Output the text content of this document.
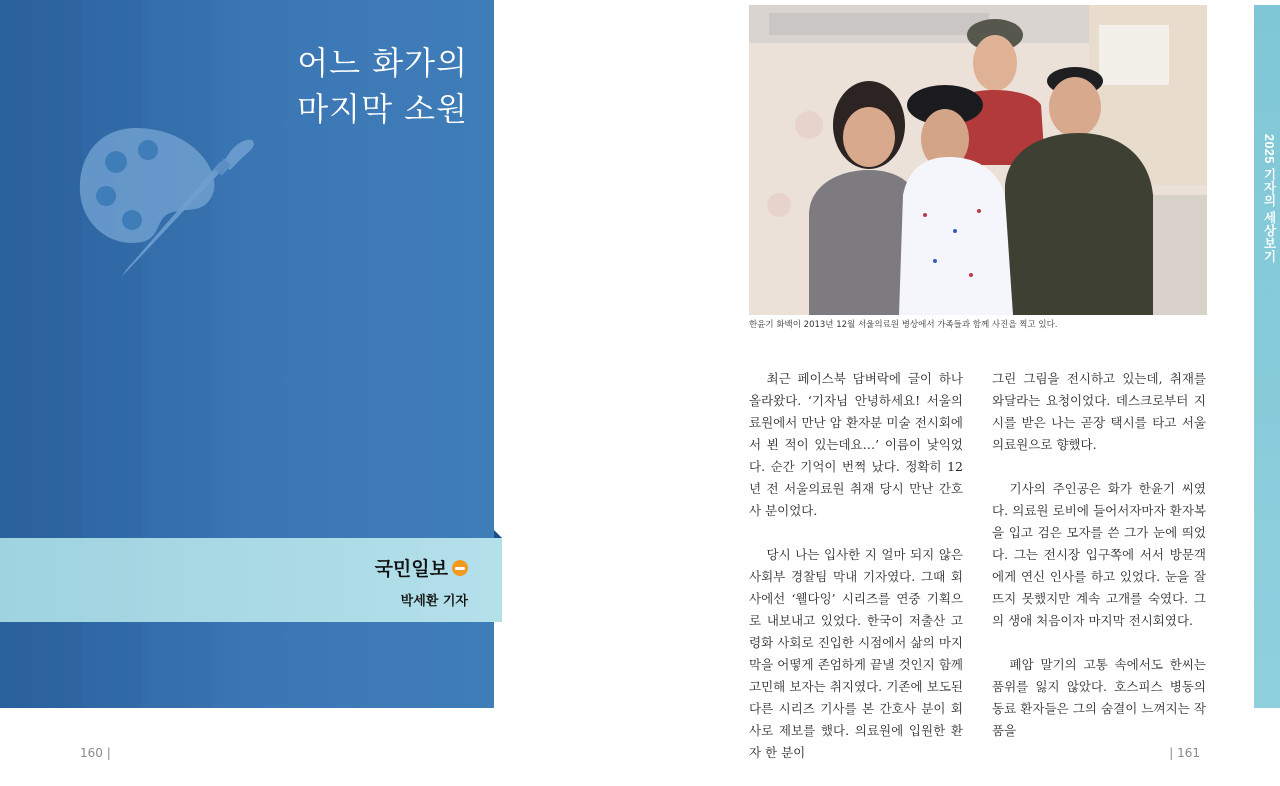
어느 화가의
마지막 소원
국민일보
박세환 기자
160 |
한윤기 화백이 2013년 12월 서울의료원 병상에서 가족들과 함께 사진을 찍고 있다.

최근 페이스북 담벼락에 글이 하나 올라왔다. ‘기자님 안녕하세요! 서울의료원에서 만난 암 환자분 미술 전시회에서 뵌 적이 있는데요…’ 이름이 낯익었다. 순간 기억이 번쩍 났다. 정확히 12년 전 서울의료원 취재 당시 만난 간호사 분이었다.

당시 나는 입사한 지 얼마 되지 않은 사회부 경찰팀 막내 기자였다. 그때 회사에선 ‘웰다잉’ 시리즈를 연중 기획으로 내보내고 있었다. 한국이 저출산 고령화 사회로 진입한 시점에서 삶의 마지막을 어떻게 존엄하게 끝낼 것인지 함께 고민해 보자는 취지였다. 기존에 보도된 다른 시리즈 기사를 본 간호사 분이 회사로 제보를 했다. 의료원에 입원한 환자 한 분이

그린 그림을 전시하고 있는데, 취재를 와달라는 요청이었다. 데스크로부터 지시를 받은 나는 곧장 택시를 타고 서울의료원으로 향했다.

기사의 주인공은 화가 한윤기 씨였다. 의료원 로비에 들어서자마자 환자복을 입고 검은 모자를 쓴 그가 눈에 띄었다. 그는 전시장 입구쪽에 서서 방문객에게 연신 인사를 하고 있었다. 눈을 잘 뜨지 못했지만 계속 고개를 숙였다. 그의 생애 처음이자 마지막 전시회였다.

폐암 말기의 고통 속에서도 한씨는 품위를 잃지 않았다. 호스피스 병동의 동료 환자들은 그의 숨결이 느껴지는 작품을

2025 기자의 세상보기
| 161
